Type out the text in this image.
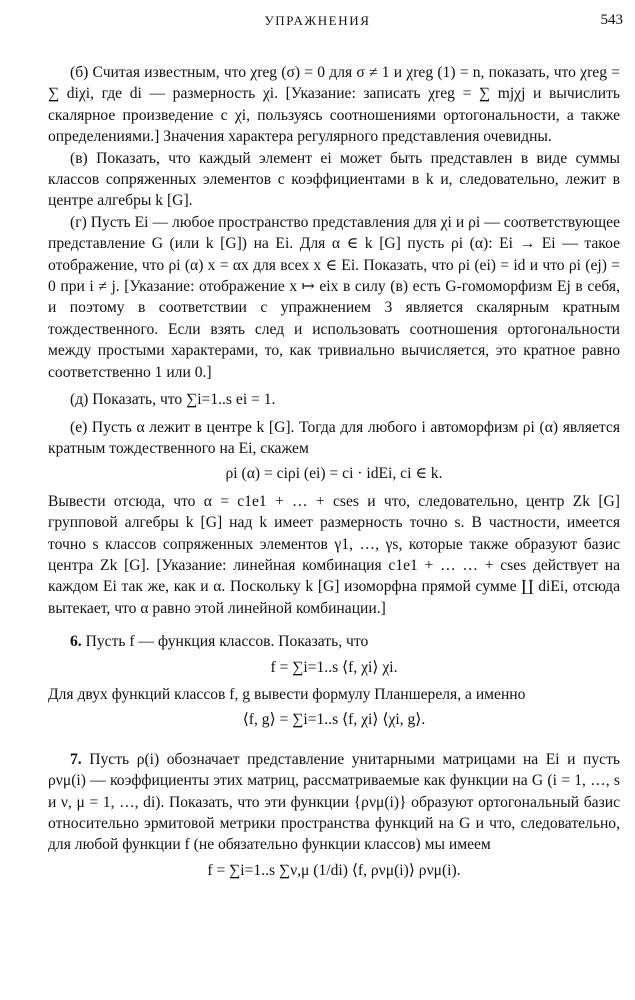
УПРАЖНЕНИЯ	543

(б) Считая известным, что χreg (σ) = 0 для σ ≠ 1 и χreg (1) = n, показать, что χreg = ∑ diχi, где di — размерность χi. [Указание: записать χreg = ∑ mjχj и вычислить скалярное произведение с χi, пользуясь соотношениями ортогональности, а также определениями.] Значения характера регулярного представления очевидны.

(в) Показать, что каждый элемент ei может быть представлен в виде суммы классов сопряженных элементов с коэффициентами в k и, следовательно, лежит в центре алгебры k [G].

(г) Пусть Ei — любое пространство представления для χi и ρi — соответствующее представление G (или k [G]) на Ei. Для α ∈ k [G] пусть ρi (α): Ei → Ei — такое отображение, что ρi (α) x = αx для всех x ∈ Ei. Показать, что ρi (ei) = id и что ρi (ej) = 0 при i ≠ j. [Указание: отображение x ↦ eix в силу (в) есть G-гомоморфизм Ej в себя, и поэтому в соответствии с упражнением 3 является скалярным кратным тождественного. Если взять след и использовать соотношения ортогональности между простыми характерами, то, как тривиально вычисляется, это кратное равно соответственно 1 или 0.]

(д) Показать, что ∑i=1..s ei = 1.

(е) Пусть α лежит в центре k [G]. Тогда для любого i автоморфизм ρi (α) является кратным тождественного на Ei, скажем

ρi (α) = ciρi (ei) = ci · idEi, ci ∈ k.

Вывести отсюда, что α = c1e1 + … + cses и что, следовательно, центр Zk [G] групповой алгебры k [G] над k имеет размерность точно s. В частности, имеется точно s классов сопряженных элементов γ1, …, γs, которые также образуют базис центра Zk [G]. [Указание: линейная комбинация c1e1 + … … + cses действует на каждом Ei так же, как и α. Поскольку k [G] изоморфна прямой сумме ∐ diEi, отсюда вытекает, что α равно этой линейной комбинации.]

6. Пусть f — функция классов. Показать, что

f = ∑i=1..s ⟨f, χi⟩ χi.

Для двух функций классов f, g вывести формулу Планшереля, а именно

⟨f, g⟩ = ∑i=1..s ⟨f, χi⟩ ⟨χi, g⟩.

7. Пусть ρ(i) обозначает представление унитарными матрицами на Ei и пусть ρνμ(i) — коэффициенты этих матриц, рассматриваемые как функции на G (i = 1, …, s и ν, μ = 1, …, di). Показать, что эти функции {ρνμ(i)} образуют ортогональный базис относительно эрмитовой метрики пространства функций на G и что, следовательно, для любой функции f (не обязательно функции классов) мы имеем

f = ∑i=1..s ∑ν,μ (1/di) ⟨f, ρνμ(i)⟩ ρνμ(i).
